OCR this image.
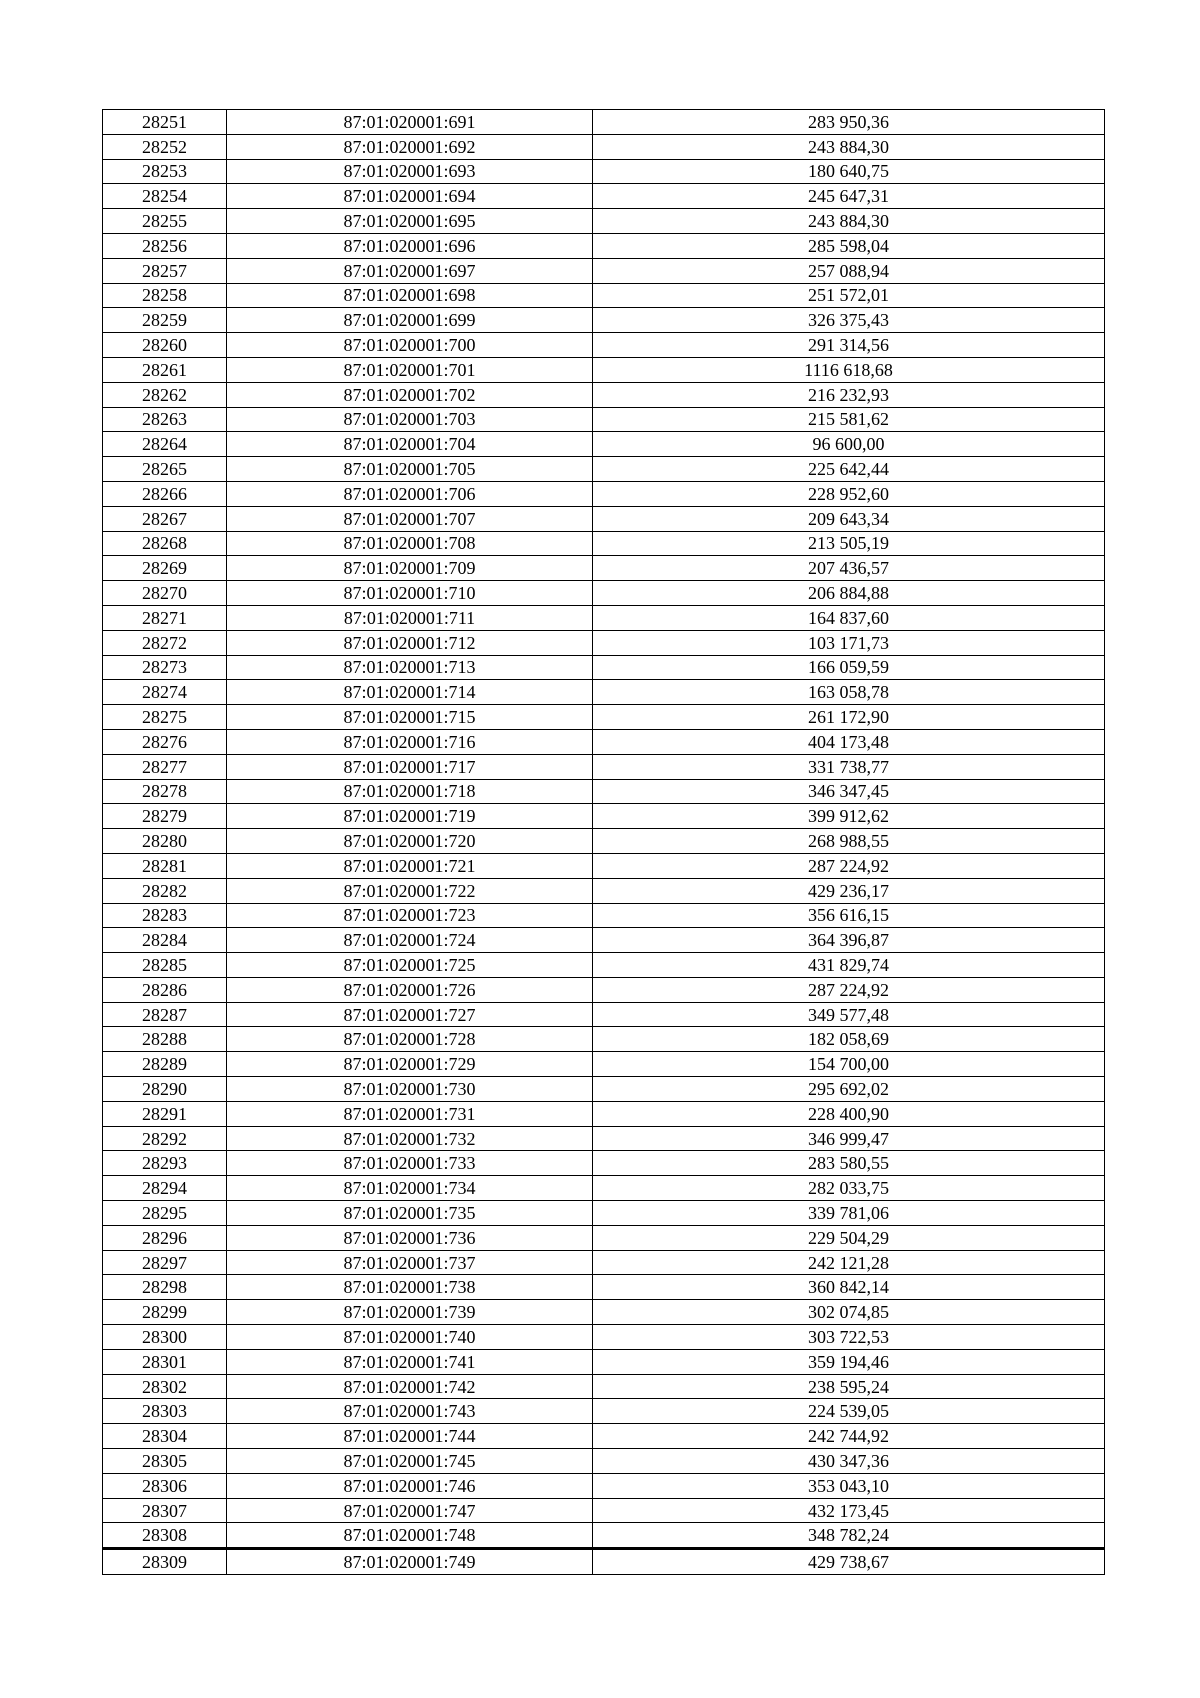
28251	87:01:020001:691	283 950,36
28252	87:01:020001:692	243 884,30
28253	87:01:020001:693	180 640,75
28254	87:01:020001:694	245 647,31
28255	87:01:020001:695	243 884,30
28256	87:01:020001:696	285 598,04
28257	87:01:020001:697	257 088,94
28258	87:01:020001:698	251 572,01
28259	87:01:020001:699	326 375,43
28260	87:01:020001:700	291 314,56
28261	87:01:020001:701	1116 618,68
28262	87:01:020001:702	216 232,93
28263	87:01:020001:703	215 581,62
28264	87:01:020001:704	96 600,00
28265	87:01:020001:705	225 642,44
28266	87:01:020001:706	228 952,60
28267	87:01:020001:707	209 643,34
28268	87:01:020001:708	213 505,19
28269	87:01:020001:709	207 436,57
28270	87:01:020001:710	206 884,88
28271	87:01:020001:711	164 837,60
28272	87:01:020001:712	103 171,73
28273	87:01:020001:713	166 059,59
28274	87:01:020001:714	163 058,78
28275	87:01:020001:715	261 172,90
28276	87:01:020001:716	404 173,48
28277	87:01:020001:717	331 738,77
28278	87:01:020001:718	346 347,45
28279	87:01:020001:719	399 912,62
28280	87:01:020001:720	268 988,55
28281	87:01:020001:721	287 224,92
28282	87:01:020001:722	429 236,17
28283	87:01:020001:723	356 616,15
28284	87:01:020001:724	364 396,87
28285	87:01:020001:725	431 829,74
28286	87:01:020001:726	287 224,92
28287	87:01:020001:727	349 577,48
28288	87:01:020001:728	182 058,69
28289	87:01:020001:729	154 700,00
28290	87:01:020001:730	295 692,02
28291	87:01:020001:731	228 400,90
28292	87:01:020001:732	346 999,47
28293	87:01:020001:733	283 580,55
28294	87:01:020001:734	282 033,75
28295	87:01:020001:735	339 781,06
28296	87:01:020001:736	229 504,29
28297	87:01:020001:737	242 121,28
28298	87:01:020001:738	360 842,14
28299	87:01:020001:739	302 074,85
28300	87:01:020001:740	303 722,53
28301	87:01:020001:741	359 194,46
28302	87:01:020001:742	238 595,24
28303	87:01:020001:743	224 539,05
28304	87:01:020001:744	242 744,92
28305	87:01:020001:745	430 347,36
28306	87:01:020001:746	353 043,10
28307	87:01:020001:747	432 173,45
28308	87:01:020001:748	348 782,24
28309	87:01:020001:749	429 738,67
